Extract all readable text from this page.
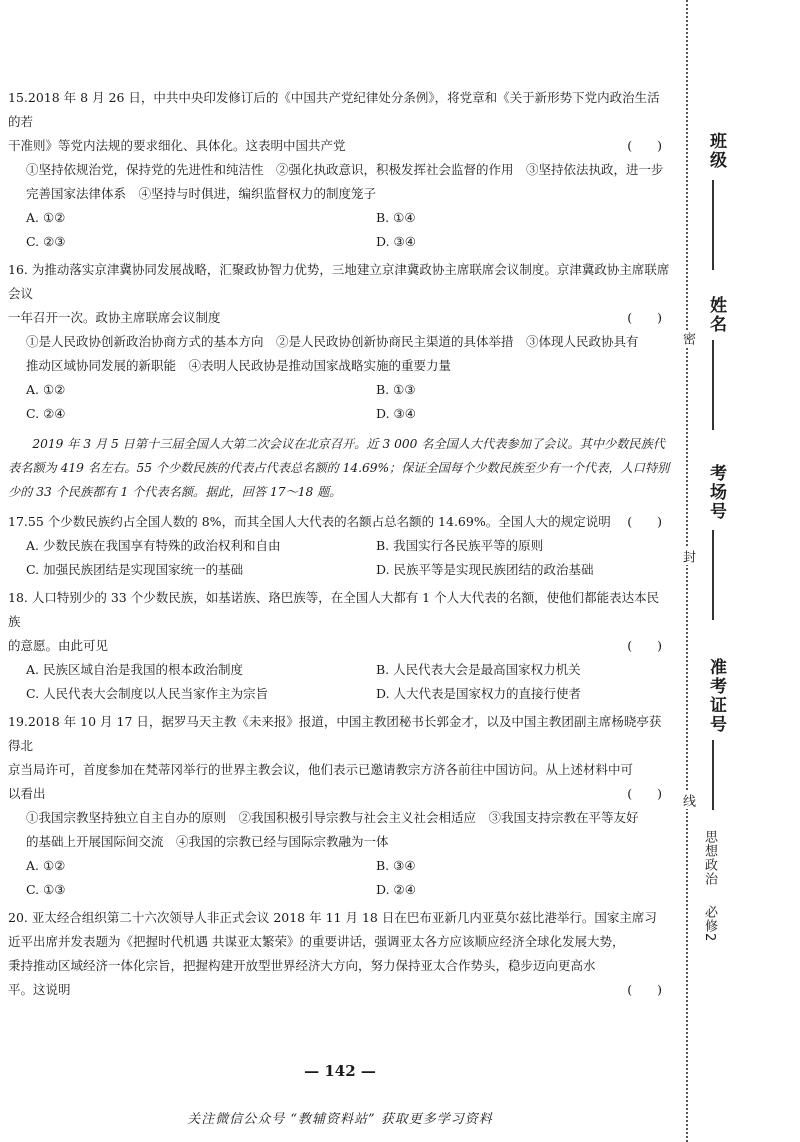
15.2018 年 8 月 26 日，中共中央印发修订后的《中国共产党纪律处分条例》，将党章和《关于新形势下党内政治生活的若
干准则》等党内法规的要求细化、具体化。这表明中国共产党	(　　)
①坚持依规治党，保持党的先进性和纯洁性　②强化执政意识，积极发挥社会监督的作用　③坚持依法执政，进一步
完善国家法律体系　④坚持与时俱进，编织监督权力的制度笼子
A. ①②	B. ①④
C. ②③	D. ③④
16. 为推动落实京津冀协同发展战略，汇聚政协智力优势，三地建立京津冀政协主席联席会议制度。京津冀政协主席联席会议
一年召开一次。政协主席联席会议制度	(　　)
①是人民政协创新政治协商方式的基本方向　②是人民政协创新协商民主渠道的具体举措　③体现人民政协具有
推动区域协同发展的新职能　④表明人民政协是推动国家战略实施的重要力量
A. ①②	B. ①③
C. ②④	D. ③④
2019 年 3 月 5 日第十三届全国人大第二次会议在北京召开。近 3 000 名全国人大代表参加了会议。其中少数民族代表名额为 419 名左右。55 个少数民族的代表占代表总名额的 14.69%；保证全国每个少数民族至少有一个代表，人口特别少的 33 个民族都有 1 个代表名额。据此，回答 17～18 题。
17.55 个少数民族约占全国人数的 8%，而其全国人大代表的名额占总名额的 14.69%。全国人大的规定说明 (　　)
A. 少数民族在我国享有特殊的政治权利和自由	B. 我国实行各民族平等的原则
C. 加强民族团结是实现国家统一的基础	D. 民族平等是实现民族团结的政治基础
18. 人口特别少的 33 个少数民族，如基诺族、珞巴族等，在全国人大都有 1 个人大代表的名额，使他们都能表达本民族
的意愿。由此可见	(　　)
A. 民族区域自治是我国的根本政治制度	B. 人民代表大会是最高国家权力机关
C. 人民代表大会制度以人民当家作主为宗旨	D. 人大代表是国家权力的直接行使者
19.2018 年 10 月 17 日，据罗马天主教《未来报》报道，中国主教团秘书长郭金才，以及中国主教团副主席杨晓亭获得北
京当局许可，首度参加在梵蒂冈举行的世界主教会议，他们表示已邀请教宗方济各前往中国访问。从上述材料中可
以看出	(　　)
①我国宗教坚持独立自主自办的原则　②我国积极引导宗教与社会主义社会相适应　③我国支持宗教在平等友好
的基础上开展国际间交流　④我国的宗教已经与国际宗教融为一体
A. ①②	B. ③④
C. ①③	D. ②④
20. 亚太经合组织第二十六次领导人非正式会议 2018 年 11 月 18 日在巴布亚新几内亚莫尔兹比港举行。国家主席习
近平出席并发表题为《把握时代机遇 共谋亚太繁荣》的重要讲话，强调亚太各方应该顺应经济全球化发展大势，
秉持推动区域经济一体化宗旨，把握构建开放型世界经济大方向，努力保持亚太合作势头，稳步迈向更高水
平。这说明	(　　)
— 142 —
关注微信公众号 “教辅资料站” 获取更多学习资料
班级
姓名
考场号
准考证号
密
封
线
思想政治 必修2
